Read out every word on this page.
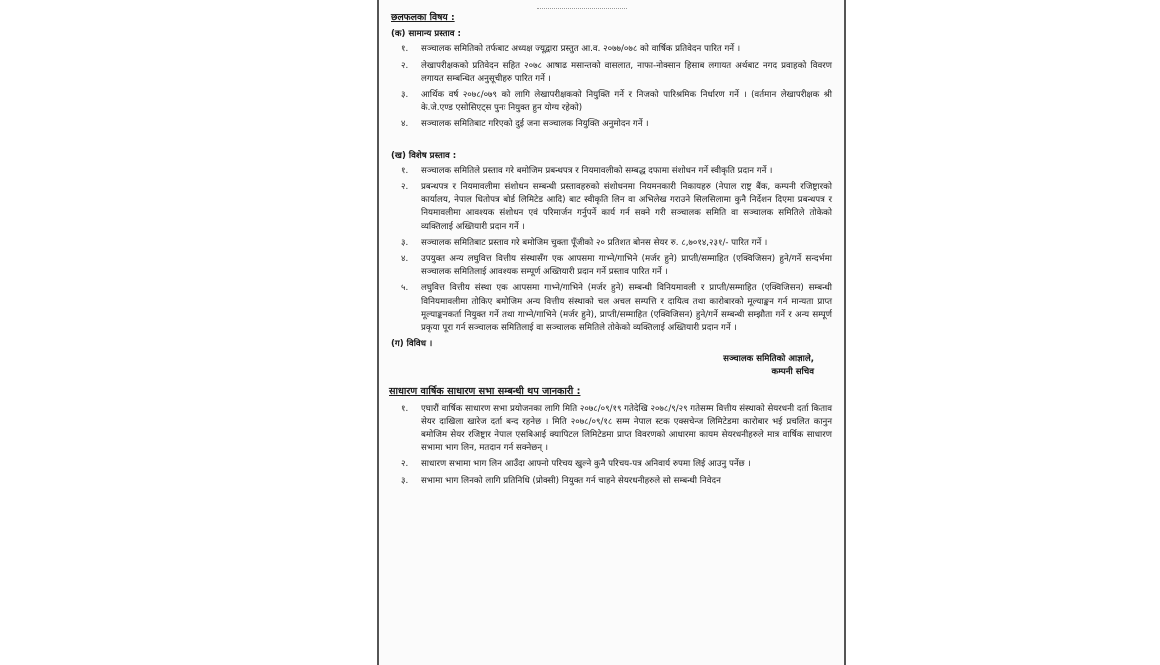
छलफलका विषय :
(क) सामान्य प्रस्ताव :
१.	सञ्चालक समितिको तर्फबाट अध्यक्ष ज्यूद्वारा प्रस्तुत आ.व. २०७७/०७८ को वार्षिक प्रतिवेदन पारित गर्ने ।
२.	लेखापरीक्षकको प्रतिवेदन सहित २०७८ आषाढ मसान्तको वासलात, नाफा-नोक्सान हिसाब लगायत अर्थबाट नगद प्रवाहको विवरण लगायत सम्बन्धित अनुसूचीहरु पारित गर्ने ।
३.	आर्थिक वर्ष २०७८/०७९ को लागि लेखापरीक्षकको नियुक्ति गर्ने र निजको पारिश्रमिक निर्धारण गर्ने । (वर्तमान लेखापरीक्षक श्री के.जे.एण्ड एसोसिएट्स पुनः नियुक्त हुन योग्य रहेको)
४.	सञ्चालक समितिबाट गरिएको दुई जना सञ्चालक नियुक्ति अनुमोदन गर्ने ।
(ख) विशेष प्रस्ताव :
१.	सञ्चालक समितिले प्रस्ताव गरे बमोजिम प्रबन्धपत्र र नियमावलीको सम्बद्ध दफामा संशोधन गर्ने स्वीकृति प्रदान गर्ने ।
२.	प्रबन्धपत्र र नियमावलीमा संशोधन सम्बन्धी प्रस्तावहरुको संशोधनमा नियमनकारी निकायहरु (नेपाल राष्ट्र बैंक, कम्पनी रजिष्ट्रारको कार्यालय, नेपाल धितोपत्र बोर्ड लिमिटेड आदि) बाट स्वीकृति लिन वा अभिलेख गराउने सिलसिलामा कुनै निर्देशन दिएमा प्रबन्धपत्र र नियमावलीमा आवश्यक संशोधन एवं परिमार्जन गर्नुपर्ने कार्य गर्न सक्ने गरी सञ्चालक समिति वा सञ्चालक समितिले तोकेको व्यक्तिलाई अख्तियारी प्रदान गर्ने ।
३.	सञ्चालक समितिबाट प्रस्ताव गरे बमोजिम चुक्ता पूँजीको २० प्रतिशत बोनस सेयर रु. ८,७०१४,२३१/- पारित गर्ने ।
४.	उपयुक्त अन्य लघुवित्त वित्तीय संस्थासँग एक आपसमा गाभ्ने/गाभिने (मर्जर हुने) प्राप्ती/सम्माहित (एक्विजिसन) हुने/गर्ने सन्दर्भमा सञ्चालक समितिलाई आवश्यक सम्पूर्ण अख्तियारी प्रदान गर्ने प्रस्ताव पारित गर्ने ।
५.	लघुवित्त वित्तीय संस्था एक आपसमा गाभ्ने/गाभिने (मर्जर हुने) सम्बन्धी विनियमावली र प्राप्ती/सम्माहित (एक्विजिसन) सम्बन्धी विनियमावलीमा तोकिए बमोजिम अन्य वित्तीय संस्थाको चल अचल सम्पत्ति र दायित्व तथा कारोबारको मूल्याङ्कन गर्न मान्यता प्राप्त मूल्याङ्कनकर्ता नियुक्त गर्ने तथा गाभ्ने/गाभिने (मर्जर हुने), प्राप्ती/सम्माहित (एक्विजिसन) हुने/गर्ने सम्बन्धी सम्झौता गर्ने र अन्य सम्पूर्ण प्रकृया पूरा गर्न सञ्चालक समितिलाई वा सञ्चालक समितिले तोकेको व्यक्तिलाई अख्तियारी प्रदान गर्ने ।
(ग) विविध ।
सञ्चालक समितिको आज्ञाले,
कम्पनी सचिव
साधारण वार्षिक साधारण सभा सम्बन्धी थप जानकारी :
१.	एघारौं वार्षिक साधारण सभा प्रयोजनका लागि मिति २०७८/०९/१९ गतेदेखि २०७८/९/२९ गतेसम्म वित्तीय संस्थाको सेयरधनी दर्ता किताव सेयर दाखिला खारेज दर्ता बन्द रहनेछ । मिति २०७८/०९/१८ सम्म नेपाल स्टक एक्सचेन्ज लिमिटेडमा कारोबार भई प्रचलित कानुन बमोजिम सेयर रजिष्ट्रार नेपाल एसबिआई क्यापिटल लिमिटेडमा प्राप्त विवरणको आधारमा कायम सेयरधनीहरुले मात्र वार्षिक साधारण सभामा भाग लिन, मतदान गर्न सक्नेछन् ।
२.	साधारण सभामा भाग लिन आउँदा आफ्नो परिचय खुल्ने कुनै परिचय-पत्र अनिवार्य रुपमा लिई आउनु पर्नेछ ।
३.	सभामा भाग लिनको लागि प्रतिनिधि (प्रोक्सी) नियुक्त गर्न चाहने सेयरधनीहरुले सो सम्बन्धी निवेदन
